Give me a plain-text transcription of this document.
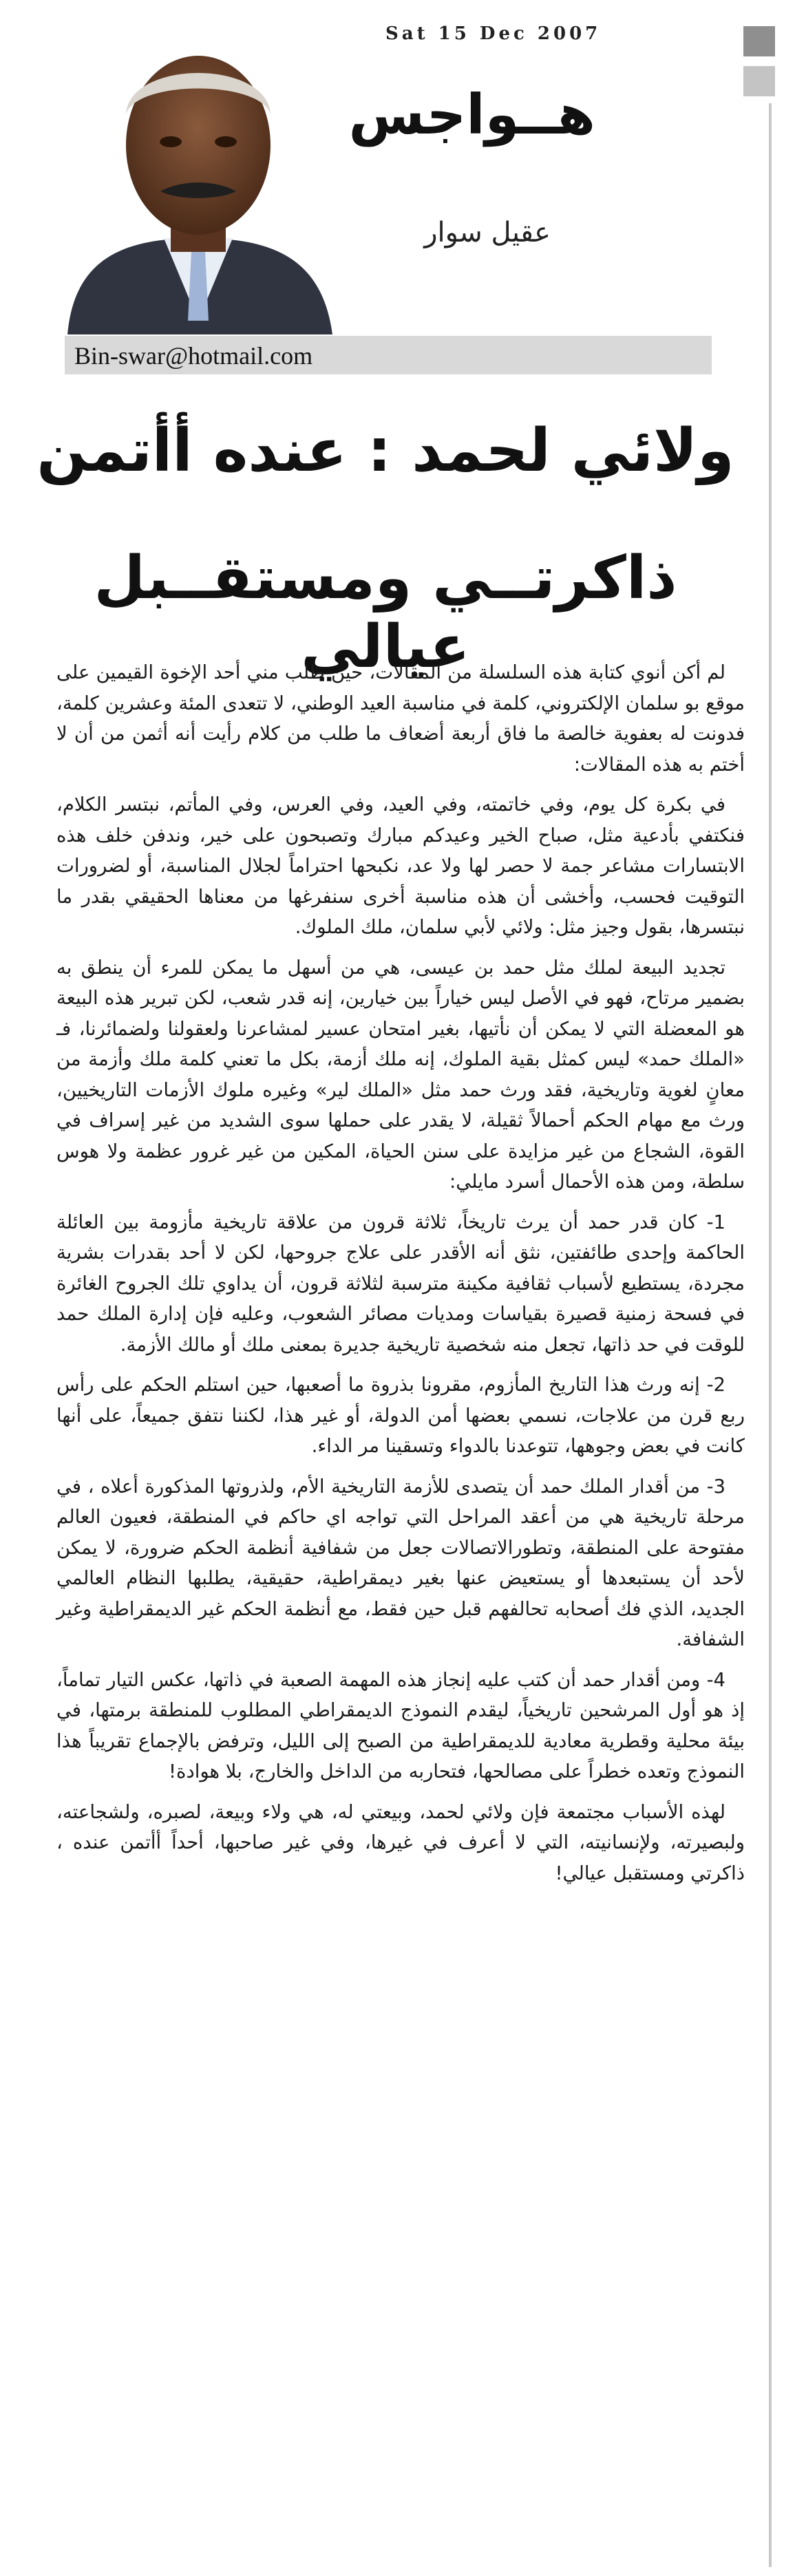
Sat 15 Dec 2007
هــواجس
عقيل سوار
Bin-swar@hotmail.com
ولائي لحمد : عنده أأتمن
ذاكرتــي ومستقــبل عيالي

لم أكن أنوي كتابة هذه السلسلة من المقالات، حين طلب مني أحد الإخوة القيمين على موقع بو سلمان الإلكتروني، كلمة في مناسبة العيد الوطني، لا تتعدى المئة وعشرين كلمة، فدونت له بعفوية خالصة ما فاق أربعة أضعاف ما طلب من كلام رأيت أنه أثمن من أن لا أختم به هذه المقالات:

في بكرة كل يوم، وفي خاتمته، وفي العيد، وفي العرس، وفي المأتم، نبتسر الكلام، فنكتفي بأدعية مثل، صباح الخير وعيدكم مبارك وتصبحون على خير، وندفن خلف هذه الابتسارات مشاعر جمة لا حصر لها ولا عد، نكبحها احتراماً لجلال المناسبة، أو لضرورات التوقيت فحسب، وأخشى أن هذه مناسبة أخرى سنفرغها من معناها الحقيقي بقدر ما نبتسرها، بقول وجيز مثل: ولائي لأبي سلمان، ملك الملوك.

تجديد البيعة لملك مثل حمد بن عيسى، هي من أسهل ما يمكن للمرء أن ينطق به بضمير مرتاح، فهو في الأصل ليس خياراً بين خيارين، إنه قدر شعب، لكن تبرير هذه البيعة هو المعضلة التي لا يمكن أن نأتيها، بغير امتحان عسير لمشاعرنا ولعقولنا ولضمائرنا، فـ «الملك حمد» ليس كمثل بقية الملوك، إنه ملك أزمة، بكل ما تعني كلمة ملك وأزمة من معانٍ لغوية وتاريخية، فقد ورث حمد مثل «الملك لير» وغيره ملوك الأزمات التاريخيين، ورث مع مهام الحكم أحمالاً ثقيلة، لا يقدر على حملها سوى الشديد من غير إسراف في القوة، الشجاع من غير مزايدة على سنن الحياة، المكين من غير غرور عظمة ولا هوس سلطة، ومن هذه الأحمال أسرد مايلي:

1- كان قدر حمد أن يرث تاريخاً، ثلاثة قرون من علاقة تاريخية مأزومة بين العائلة الحاكمة وإحدى طائفتين، نثق أنه الأقدر على علاج جروحها، لكن لا أحد بقدرات بشرية مجردة، يستطيع لأسباب ثقافية مكينة مترسبة لثلاثة قرون، أن يداوي تلك الجروح الغائرة في فسحة زمنية قصيرة بقياسات ومديات مصائر الشعوب، وعليه فإن إدارة الملك حمد للوقت في حد ذاتها، تجعل منه شخصية تاريخية جديرة بمعنى ملك أو مالك الأزمة.

2- إنه ورث هذا التاريخ المأزوم، مقرونا بذروة ما أصعبها، حين استلم الحكم على رأس ربع قرن من علاجات، نسمي بعضها أمن الدولة، أو غير هذا، لكننا نتفق جميعاً، على أنها كانت في بعض وجوهها، تتوعدنا بالدواء وتسقينا مر الداء.

3- من أقدار الملك حمد أن يتصدى للأزمة التاريخية الأم، ولذروتها المذكورة أعلاه ، في مرحلة تاريخية هي من أعقد المراحل التي تواجه اي حاكم في المنطقة، فعيون العالم مفتوحة على المنطقة، وتطورالاتصالات جعل من شفافية أنظمة الحكم ضرورة، لا يمكن لأحد أن يستبعدها أو يستعيض عنها بغير ديمقراطية، حقيقية، يطلبها النظام العالمي الجديد، الذي فك أصحابه تحالفهم قبل حين فقط، مع أنظمة الحكم غير الديمقراطية وغير الشفافة.

4- ومن أقدار حمد أن كتب عليه إنجاز هذه المهمة الصعبة في ذاتها، عكس التيار تماماً، إذ هو أول المرشحين تاريخياً، ليقدم النموذج الديمقراطي المطلوب للمنطقة برمتها، في بيئة محلية وقطرية معادية للديمقراطية من الصبح إلى الليل، وترفض بالإجماع تقريباً هذا النموذج وتعده خطراً على مصالحها، فتحاربه من الداخل والخارج، بلا هوادة!

لهذه الأسباب مجتمعة فإن ولائي لحمد، وبيعتي له، هي ولاء وبيعة، لصبره، ولشجاعته، ولبصيرته، ولإنسانيته، التي لا أعرف في غيرها، وفي غير صاحبها، أحداً أأتمن عنده ، ذاكرتي ومستقبل عيالي!
